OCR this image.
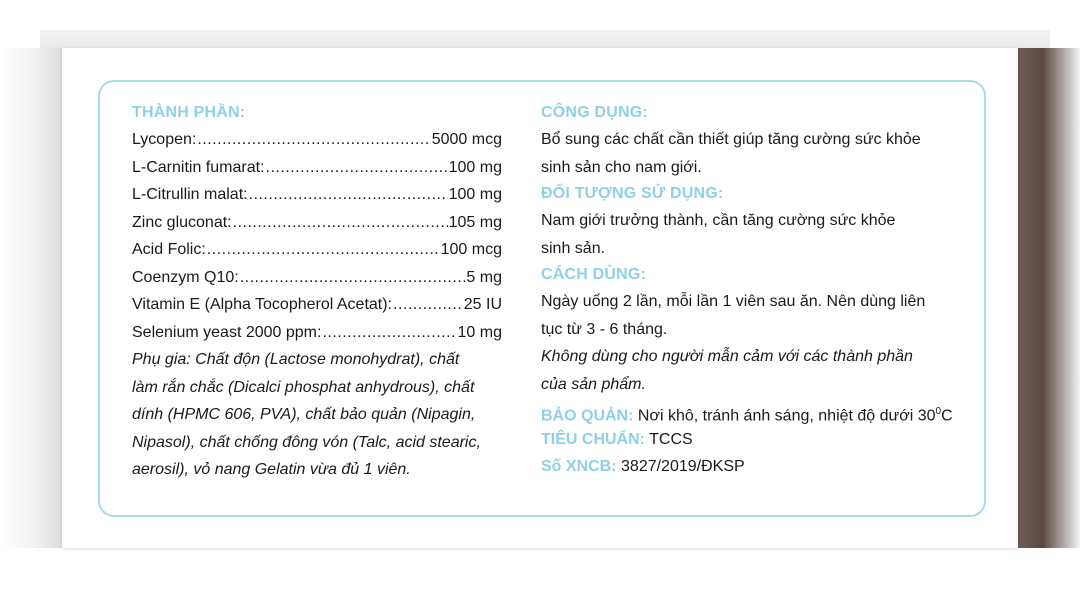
THÀNH PHẦN:
Lycopen: .....	5000 mcg
L-Carnitin fumarat: .....	100 mg
L-Citrullin malat: .....	100 mg
Zinc gluconat: .....	105 mg
Acid Folic: .....	100 mcg
Coenzym Q10: .....	5 mg
Vitamin E (Alpha Tocopherol Acetat): .....	25 IU
Selenium yeast 2000 ppm: .....	10 mg
Phụ gia: Chất độn (Lactose monohydrat), chất
làm rắn chắc (Dicalci phosphat anhydrous), chất
dính (HPMC 606, PVA), chất bảo quản (Nipagin,
Nipasol), chất chống đông vón (Talc, acid stearic,
aerosil), vỏ nang Gelatin vừa đủ 1 viên.
CÔNG DỤNG:
Bổ sung các chất cần thiết giúp tăng cường sức khỏe
sinh sản cho nam giới.
ĐỐI TƯỢNG SỬ DỤNG:
Nam giới trưởng thành, cần tăng cường sức khỏe
sinh sản.
CÁCH DÙNG:
Ngày uống 2 lần, mỗi lần 1 viên sau ăn. Nên dùng liên
tục từ 3 - 6 tháng.
Không dùng cho người mẫn cảm với các thành phần
của sản phẩm.
BẢO QUẢN: Nơi khô, tránh ánh sáng, nhiệt độ dưới $30^0C$
TIÊU CHUẨN: TCCS
Số XNCB: 3827/2019/ĐKSP
